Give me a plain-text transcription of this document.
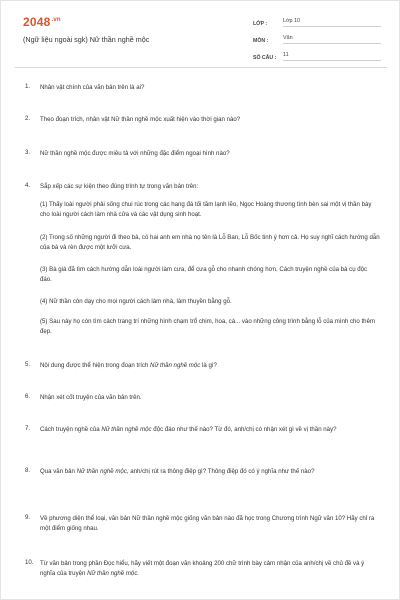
$2048^{.vn}$
(Ngữ liệu ngoài sgk) Nữ thần nghề mộc
LỚP :	Lớp 10
MÔN :	Văn
SỐ CÂU :	11
1.	Nhân vật chính của văn bản trên là ai?
2.	Theo đoạn trích, nhân vật Nữ thần nghề mộc xuất hiện vào thời gian nào?
3.	Nữ thần nghề mộc được miêu tả với những đặc điểm ngoại hình nào?
4.	Sắp xếp các sự kiện theo đúng trình tự trong văn bản trên:
(1) Thấy loài người phải sống chui rúc trong các hang đá tối tăm lạnh lẽo, Ngọc Hoàng thương tình bèn sai một vị thần bày cho loài người cách làm nhà cửa và các vật dụng sinh hoạt.
(2) Trong số những người đi theo bà, có hai anh em nhà nọ tên là Lỗ Ban, Lỗ Bốc tinh ý hơn cả. Họ suy nghĩ cách hướng dẫn của bà và rèn được một lưỡi cưa.
(3) Bà già đã tìm cách hướng dẫn loài người làm cưa, để cưa gỗ cho nhanh chóng hơn. Cách truyện nghề của bà cụ độc đáo.
(4) Nữ thần còn dạy cho mọi người cách làm nhà, làm thuyền bằng gỗ.
(5) Sau này họ còn tìm cách trang trí những hình chạm trổ chim, hoa, cá... vào những công trình bằng lỗ của mình cho thêm đẹp.
5.	Nội dung được thể hiện trong đoạn trích Nữ thần nghề mộc là gì?
6.	Nhận xét cốt truyện của văn bản trên.
7.	Cách truyện nghề của Nữ thần nghề mộc độc đáo như thế nào? Từ đó, anh/chị có nhận xét gì về vị thần này?
8.	Qua văn bản Nữ thần nghề mộc, anh/chị rút ra thông điệp gì? Thông điệp đó có ý nghĩa như thế nào?
9.	Về phương diện thể loại, văn bản Nữ thần nghề mộc giống văn bản nào đã học trong Chương trình Ngữ văn 10? Hãy chỉ ra một điểm giống nhau.
10.	Từ văn bản trong phần Đọc hiểu, hãy viết một đoạn văn khoảng 200 chữ trình bày cảm nhận của anh/chị về chủ đề và ý nghĩa của truyện Nữ thần nghề mộc.
